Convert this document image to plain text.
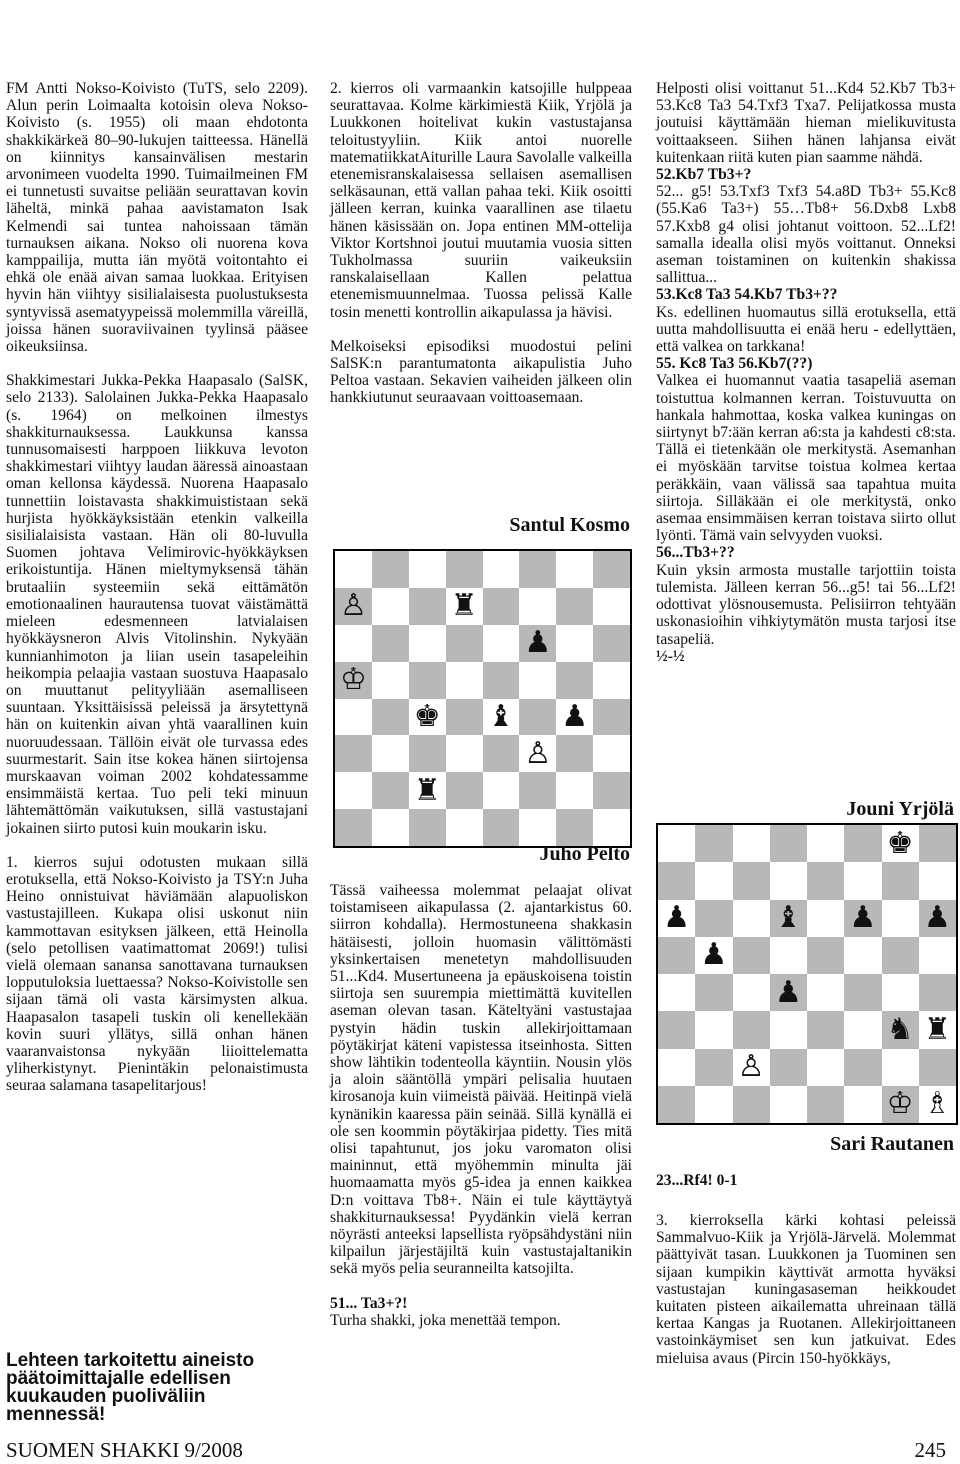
FM Antti Nokso-Koivisto (TuTS, selo 2209). Alun perin Loimaalta kotoisin oleva Nokso-Koivisto (s. 1955) oli maan ehdotonta shakkikärkeä 80–90-lukujen taitteessa. Hänellä on kiinnitys kansainvälisen mestarin arvonimeen vuodelta 1990. Tuimailmeinen FM ei tunnetusti suvaitse peliään seurattavan kovin läheltä, minkä pahaa aavistamaton Isak Kelmendi sai tuntea nahoissaan tämän turnauksen aikana. Nokso oli nuorena kova kamppailija, mutta iän myötä voitontahto ei ehkä ole enää aivan samaa luokkaa. Erityisen hyvin hän viihtyy sisilialaisesta puolustuksesta syntyvissä asematyypeissä molemmilla väreillä, joissa hänen suoraviivainen tyylinsä pääsee oikeuksiinsa.

Shakkimestari Jukka-Pekka Haapasalo (SalSK, selo 2133). Salolainen Jukka-Pekka Haapasalo (s. 1964) on melkoinen ilmestys shakkiturnauksessa. Laukkunsa kanssa tunnusomaisesti harppoen liikkuva levoton shakkimestari viihtyy laudan ääressä ainoastaan oman kellonsa käydessä. Nuorena Haapasalo tunnettiin loistavasta shakkimuististaan sekä hurjista hyökkäyksistään etenkin valkeilla sisilialaisista vastaan. Hän oli 80-luvulla Suomen johtava Velimirovic-hyökkäyksen erikoistuntija. Hänen mieltymyksensä tähän brutaaliin systeemiin sekä eittämätön emotionaalinen haurautensa tuovat väistämättä mieleen edesmenneen latvialaisen hyökkäysneron Alvis Vitolinshin. Nykyään kunnianhimoton ja liian usein tasapeleihin heikompia pelaajia vastaan suostuva Haapasalo on muuttanut pelityyliään asemalliseen suuntaan. Yksittäisissä peleissä ja ärsytettynä hän on kuitenkin aivan yhtä vaarallinen kuin nuoruudessaan. Tällöin eivät ole turvassa edes suurmestarit. Sain itse kokea hänen siirtojensa murskaavan voiman 2002 kohdatessamme ensimmäistä kertaa. Tuo peli teki minuun lähtemättömän vaikutuksen, sillä vastustajani jokainen siirto putosi kuin moukarin isku.

1. kierros sujui odotusten mukaan sillä erotuksella, että Nokso-Koivisto ja TSY:n Juha Heino onnistuivat häviämään alapuoliskon vastustajilleen. Kukapa olisi uskonut niin kammottavan esityksen jälkeen, että Heinolla (selo petollisen vaatimattomat 2069!) tulisi vielä olemaan sanansa sanottavana turnauksen lopputuloksia luettaessa? Nokso-Koivistolle sen sijaan tämä oli vasta kärsimysten alkua. Haapasalon tasapeli tuskin oli kenellekään kovin suuri yllätys, sillä onhan hänen vaaranvaistonsa nykyään liioittelematta yliherkistynyt. Pienintäkin pelonaistimusta seuraa salamana tasapelitarjous!

Lehteen tarkoitettu aineisto päätoimittajalle edellisen kuukauden puoliväliin mennessä!

2. kierros oli varmaankin katsojille hulppeaa seurattavaa. Kolme kärkimiestä Kiik, Yrjölä ja Luukkonen hoitelivat kukin vastustajansa teloitustyyliin. Kiik antoi nuorelle matematiikkatAiturille Laura Savolalle valkeilla etenemisranskalaisessa sellaisen asemallisen selkäsaunan, että vallan pahaa teki. Kiik osoitti jälleen kerran, kuinka vaarallinen ase tilaetu hänen käsissään on. Jopa entinen MM-ottelija Viktor Kortshnoi joutui muutamia vuosia sitten Tukholmassa suuriin vaikeuksiin ranskalaisellaan Kallen pelattua etenemismuunnelmaa. Tuossa pelissä Kalle tosin menetti kontrollin aikapulassa ja hävisi.

Melkoiseksi episodiksi muodostui pelini SalSK:n parantumatonta aikapulistia Juho Peltoa vastaan. Sekavien vaiheiden jälkeen olin hankkiutunut seuraavaan voittoasemaan.

Santul Kosmo
♙	♜
♟
♔
♚ ♝ ♟
♙
♜
Juho Pelto

Tässä vaiheessa molemmat pelaajat olivat toistamiseen aikapulassa (2. ajantarkistus 60. siirron kohdalla). Hermostuneena shakkasin hätäisesti, jolloin huomasin välittömästi yksinkertaisen menetetyn mahdollisuuden 51...Kd4. Musertuneena ja epäuskoisena toistin siirtoja sen suurempia miettimättä kuvitellen aseman olevan tasan. Käteltyäni vastustajaa pystyin hädin tuskin allekirjoittamaan pöytäkirjat käteni vapistessa itseinhosta. Sitten show lähtikin todenteolla käyntiin. Nousin ylös ja aloin sääntöllä ympäri pelisalia huutaen kirosanoja kuin viimeistä päivää. Heitinpä vielä kynänikin kaaressa päin seinää. Sillä kynällä ei ole sen koommin pöytäkirjaa pidetty. Ties mitä olisi tapahtunut, jos joku varomaton olisi maininnut, että myöhemmin minulta jäi huomaamatta myös g5-idea ja ennen kaikkea D:n voittava Tb8+. Näin ei tule käyttäytyä shakkiturnauksessa! Pyydänkin vielä kerran nöyrästi anteeksi lapsellista ryöpsähdystäni niin kilpailun järjestäjiltä kuin vastustajaltanikin sekä myös pelia seuranneilta katsojilta.

51... Ta3+?!

Turha shakki, joka menettää tempon.

Helposti olisi voittanut 51...Kd4 52.Kb7 Tb3+ 53.Kc8 Ta3 54.Txf3 Txa7. Pelijatkossa musta joutuisi käyttämään hieman mielikuvitusta voittaakseen. Siihen hänen lahjansa eivät kuitenkaan riitä kuten pian saamme nähdä.

52.Kb7 Tb3+?

52... g5! 53.Txf3 Txf3 54.a8D Tb3+ 55.Kc8 (55.Ka6 Ta3+) 55…Tb8+ 56.Dxb8 Lxb8 57.Kxb8 g4 olisi johtanut voittoon. 52...Lf2! samalla ideallа olisi myös voittanut. Onneksi aseman toistaminen on kuitenkin shakissa sallittua...

53.Kc8 Ta3 54.Kb7 Tb3+??

Ks. edellinen huomautus sillä erotuksella, että uutta mahdollisuutta ei enää heru - edellyttäen, että valkea on tarkkana!

55. Kc8 Ta3 56.Kb7(??)

Valkea ei huomannut vaatia tasapeliä aseman toistuttua kolmannen kerran. Toistuvuutta on hankala hahmottaa, koska valkea kuningas on siirtynyt b7:ään kerran a6:sta ja kahdesti c8:sta. Tällä ei tietenkään ole merkitystä. Asemanhan ei myöskään tarvitse toistua kolmea kertaa peräkkäin, vaan välissä saa tapahtua muita siirtoja. Silläkään ei ole merkitystä, onko asemaa ensimmäisen kerran toistava siirto ollut lyönti. Tämä vain selvyyden vuoksi.

56...Tb3+??

Kuin yksin armosta mustalle tarjottiin toista tulemista. Jälleen kerran 56...g5! tai 56...Lf2! odottivat ylösnousemusta. Pelisiirron tehtyään uskonasioihin vihkiytymätön musta tarjosi itse tasapeliä.

½-½

Jouni Yrjölä
♚
♟	♝ ♟ ♟
♟
♟
♞ ♜
♙
♔ ♗
Sari Rautanen
23...Rf4! 0-1

3. kierroksella kärki kohtasi peleissä Sammalvuo-Kiik ja Yrjölä-Järvelä. Molemmat päättyivät tasan. Luukkonen ja Tuominen sen sijaan kumpikin käyttivät armotta hyväksi vastustajan kuningasaseman heikkoudet kuitaten pisteen aikailematta uhreinaan tällä kertaa Kangas ja Ruotanen. Allekirjoittaneen vastoinkäymiset sen kun jatkuivat. Edes mieluisa avaus (Pircin 150-hyökkäys,

SUOMEN SHAKKI 9/2008	245
